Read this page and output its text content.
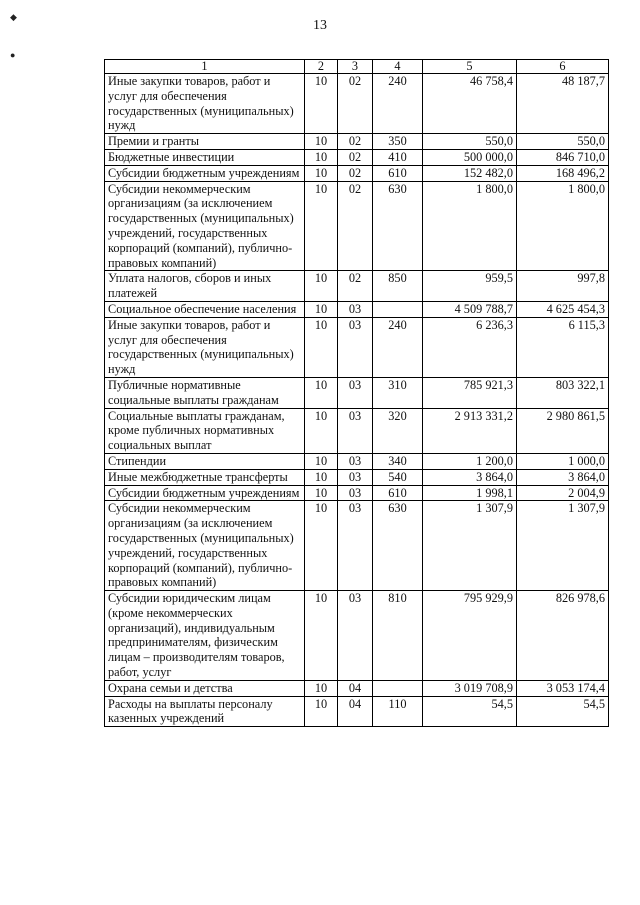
◆
●
13
1	2	3	4	5	6
Иные закупки товаров, работ и услуг для обеспечения государственных (муниципальных) нужд	10	02	240	46 758,4	48 187,7
Премии и гранты	10	02	350	550,0	550,0
Бюджетные инвестиции	10	02	410	500 000,0	846 710,0
Субсидии бюджетным учреждениям	10	02	610	152 482,0	168 496,2
Субсидии некоммерческим организациям (за исключением государственных (муниципальных) учреждений, государственных корпораций (компаний), публично-правовых компаний)	10	02	630	1 800,0	1 800,0
Уплата налогов, сборов и иных платежей	10	02	850	959,5	997,8
Социальное обеспечение населения	10	03		4 509 788,7	4 625 454,3
Иные закупки товаров, работ и услуг для обеспечения государственных (муниципальных) нужд	10	03	240	6 236,3	6 115,3
Публичные нормативные социальные выплаты гражданам	10	03	310	785 921,3	803 322,1
Социальные выплаты гражданам, кроме публичных нормативных социальных выплат	10	03	320	2 913 331,2	2 980 861,5
Стипендии	10	03	340	1 200,0	1 000,0
Иные межбюджетные трансферты	10	03	540	3 864,0	3 864,0
Субсидии бюджетным учреждениям	10	03	610	1 998,1	2 004,9
Субсидии некоммерческим организациям (за исключением государственных (муниципальных) учреждений, государственных корпораций (компаний), публично-правовых компаний)	10	03	630	1 307,9	1 307,9
Субсидии юридическим лицам (кроме некоммерческих организаций), индивидуальным предпринимателям, физическим лицам – производителям товаров, работ, услуг	10	03	810	795 929,9	826 978,6
Охрана семьи и детства	10	04		3 019 708,9	3 053 174,4
Расходы на выплаты персоналу казенных учреждений	10	04	110	54,5	54,5
